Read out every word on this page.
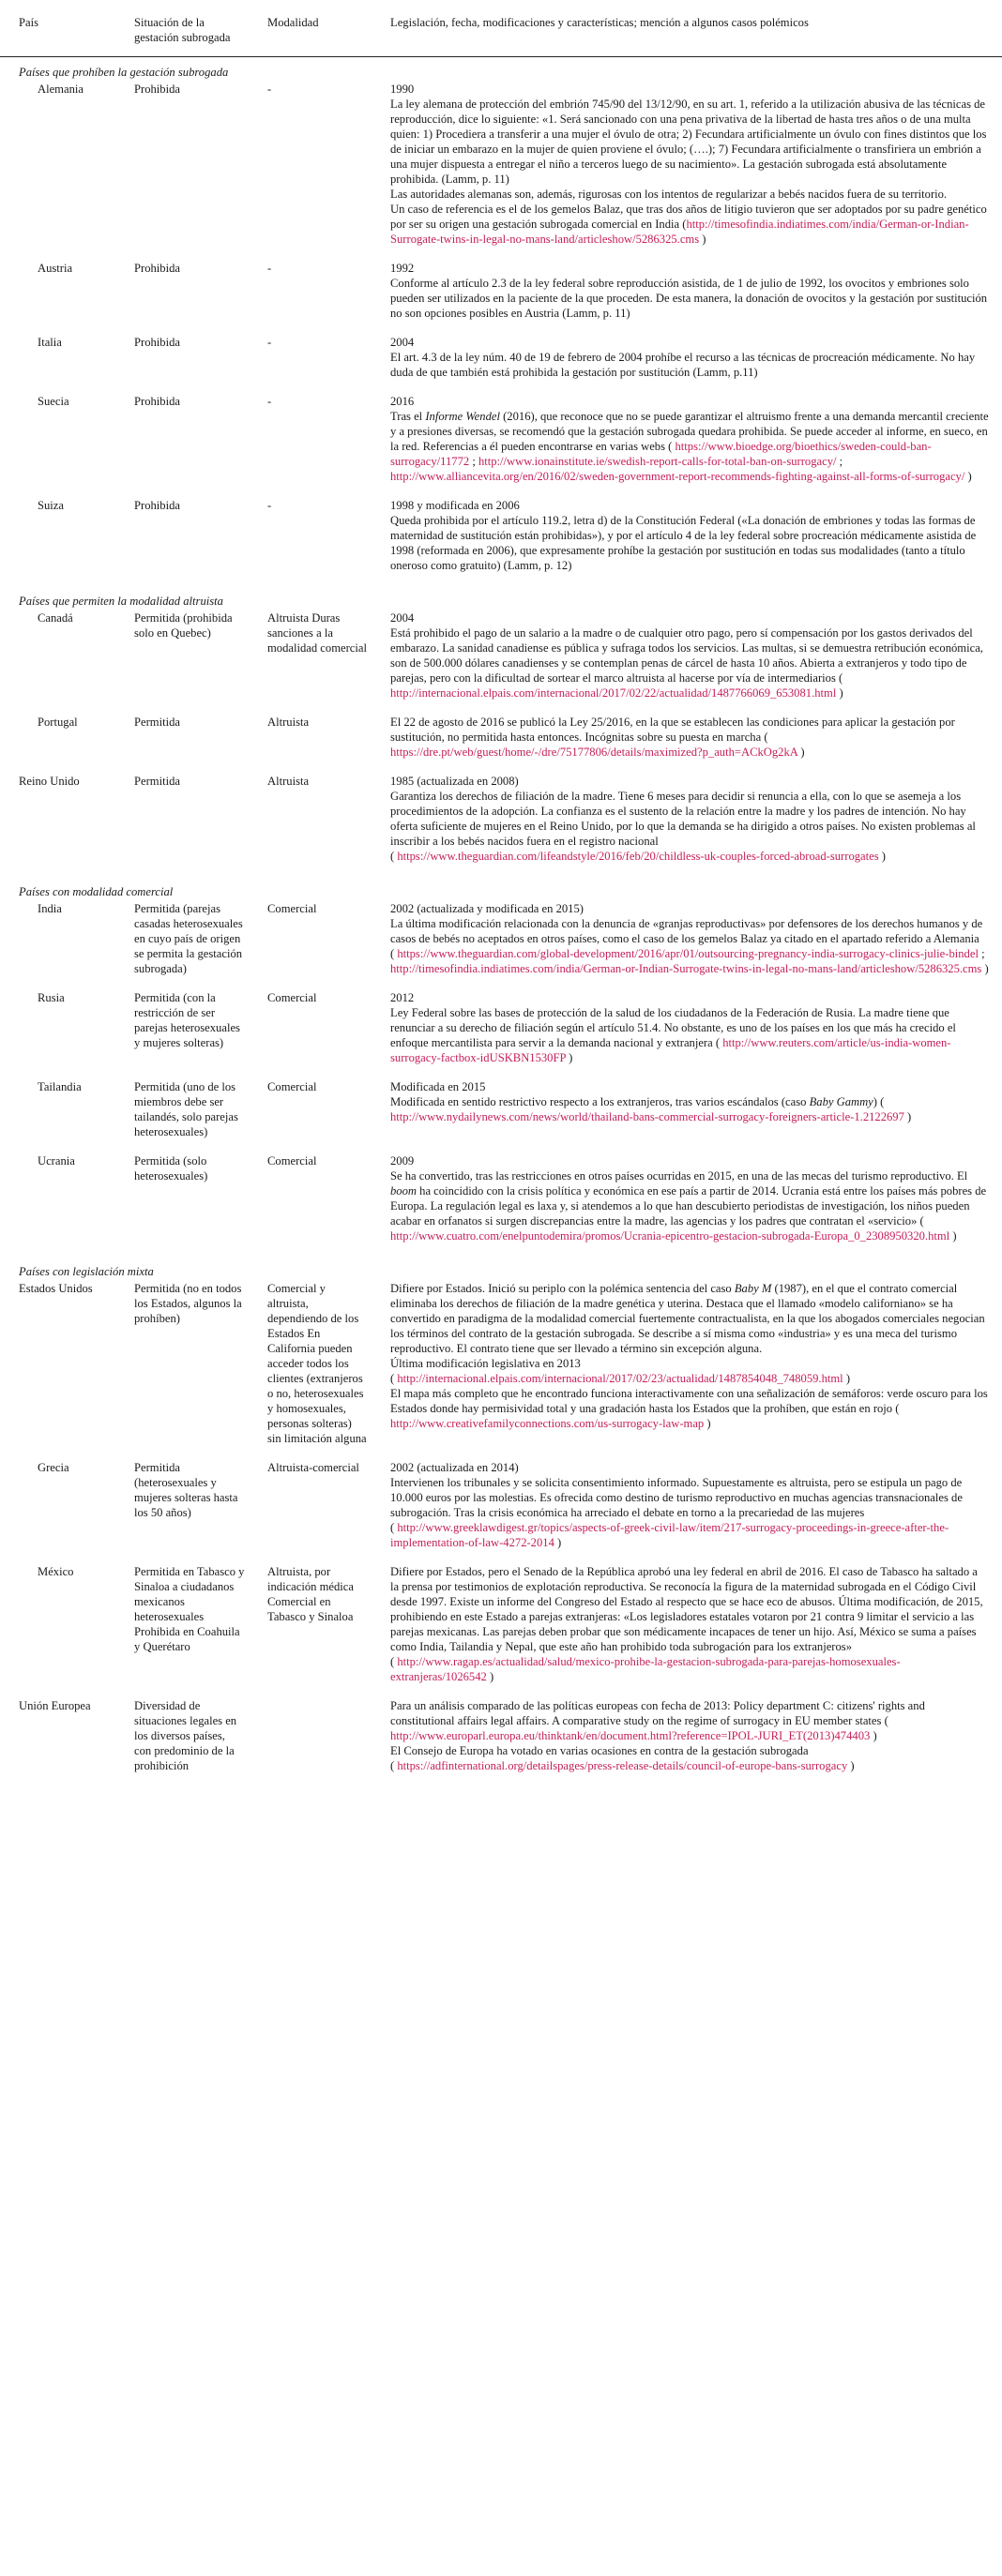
País	Situación de la gestación subrogada	Modalidad	Legislación, fecha, modificaciones y características; mención a algunos casos polémicos
Países que prohíben la gestación subrogada			
Alemania	Prohibida	-	1990

La ley alemana de protección del embrión 745/90 del 13/12/90, en su art. 1, referido a la utilización abusiva de las técnicas de reproducción, dice lo siguiente: «1. Será sancionado con una pena privativa de la libertad de hasta tres años o de una multa quien: 1) Procediera a transferir a una mujer el óvulo de otra; 2) Fecundara artificialmente un óvulo con fines distintos que los de iniciar un embarazo en la mujer de quien proviene el óvulo; (….); 7) Fecundara artificialmente o transfiriera un embrión a una mujer dispuesta a entregar el niño a terceros luego de su nacimiento». La gestación subrogada está absolutamente prohibida. (Lamm, p. 11)

Las autoridades alemanas son, además, rigurosas con los intentos de regularizar a bebés nacidos fuera de su territorio.

Un caso de referencia es el de los gemelos Balaz, que tras dos años de litigio tuvieron que ser adoptados por su padre genético por ser su origen una gestación subrogada comercial en India (http://timesofindia.indiatimes.com/india/German-or-Indian-Surrogate-twins-in-legal-no-mans-land/articleshow/5286325.cms )

Austria	Prohibida	-	1992

Conforme al artículo 2.3 de la ley federal sobre reproducción asistida, de 1 de julio de 1992, los ovocitos y embriones solo pueden ser utilizados en la paciente de la que proceden. De esta manera, la donación de ovocitos y la gestación por sustitución no son opciones posibles en Austria (Lamm, p. 11)

Italia	Prohibida	-	2004

El art. 4.3 de la ley núm. 40 de 19 de febrero de 2004 prohíbe el recurso a las técnicas de procreación médicamente. No hay duda de que también está prohibida la gestación por sustitución (Lamm, p.11)

Suecia	Prohibida	-	2016

Tras el Informe Wendel (2016), que reconoce que no se puede garantizar el altruismo frente a una demanda mercantil creciente y a presiones diversas, se recomendó que la gestación subrogada quedara prohibida. Se puede acceder al informe, en sueco, en la red. Referencias a él pueden encontrarse en varias webs ( https://www.bioedge.org/bioethics/sweden-could-ban-surrogacy/11772 ; http://www.ionainstitute.ie/swedish-report-calls-for-total-ban-on-surrogacy/ ; http://www.alliancevita.org/en/2016/02/sweden-government-report-recommends-fighting-against-all-forms-of-surrogacy/ )

Suiza	Prohibida	-	1998 y modificada en 2006

Queda prohibida por el artículo 119.2, letra d) de la Constitución Federal («La donación de embriones y todas las formas de maternidad de sustitución están prohibidas»), y por el artículo 4 de la ley federal sobre procreación médicamente asistida de 1998 (reformada en 2006), que expresamente prohíbe la gestación por sustitución en todas sus modalidades (tanto a título oneroso como gratuito) (Lamm, p. 12)

Países que permiten la modalidad altruista			
Canadá	Permitida (prohibida solo en Quebec)	Altruista Duras sanciones a la modalidad comercial	2004

Está prohibido el pago de un salario a la madre o de cualquier otro pago, pero sí compensación por los gastos derivados del embarazo. La sanidad canadiense es pública y sufraga todos los servicios. Las multas, si se demuestra retribución económica, son de 500.000 dólares canadienses y se contemplan penas de cárcel de hasta 10 años. Abierta a extranjeros y todo tipo de parejas, pero con la dificultad de sortear el marco altruista al hacerse por vía de intermediarios ( http://internacional.elpais.com/internacional/2017/02/22/actualidad/1487766069_653081.html )

Portugal	Permitida	Altruista	El 22 de agosto de 2016 se publicó la Ley 25/2016, en la que se establecen las condiciones para aplicar la gestación por sustitución, no permitida hasta entonces. Incógnitas sobre su puesta en marcha ( https://dre.pt/web/guest/home/-/dre/75177806/details/maximized?p_auth=ACkOg2kA )

Reino Unido	Permitida	Altruista	1985 (actualizada en 2008)

Garantiza los derechos de filiación de la madre. Tiene 6 meses para decidir si renuncia a ella, con lo que se asemeja a los procedimientos de la adopción. La confianza es el sustento de la relación entre la madre y los padres de intención. No hay oferta suficiente de mujeres en el Reino Unido, por lo que la demanda se ha dirigido a otros países. No existen problemas al inscribir a los bebés nacidos fuera en el registro nacional

( https://www.theguardian.com/lifeandstyle/2016/feb/20/childless-uk-couples-forced-abroad-surrogates )

Países con modalidad comercial			
India	Permitida (parejas casadas heterosexuales en cuyo país de origen se permita la gestación subrogada)	Comercial	2002 (actualizada y modificada en 2015)

La última modificación relacionada con la denuncia de «granjas reproductivas» por defensores de los derechos humanos y de casos de bebés no aceptados en otros países, como el caso de los gemelos Balaz ya citado en el apartado referido a Alemania

( https://www.theguardian.com/global-development/2016/apr/01/outsourcing-pregnancy-india-surrogacy-clinics-julie-bindel ; http://timesofindia.indiatimes.com/india/German-or-Indian-Surrogate-twins-in-legal-no-mans-land/articleshow/5286325.cms )

Rusia	Permitida (con la restricción de ser parejas heterosexuales y mujeres solteras)	Comercial	2012

Ley Federal sobre las bases de protección de la salud de los ciudadanos de la Federación de Rusia. La madre tiene que renunciar a su derecho de filiación según el artículo 51.4. No obstante, es uno de los países en los que más ha crecido el enfoque mercantilista para servir a la demanda nacional y extranjera ( http://www.reuters.com/article/us-india-women-surrogacy-factbox-idUSKBN1530FP )

Tailandia	Permitida (uno de los miembros debe ser tailandés, solo parejas heterosexuales)	Comercial	Modificada en 2015

Modificada en sentido restrictivo respecto a los extranjeros, tras varios escándalos (caso Baby Gammy) ( http://www.nydailynews.com/news/world/thailand-bans-commercial-surrogacy-foreigners-article-1.2122697 )

Ucrania	Permitida (solo heterosexuales)	Comercial	2009

Se ha convertido, tras las restricciones en otros países ocurridas en 2015, en una de las mecas del turismo reproductivo. El boom ha coincidido con la crisis política y económica en ese país a partir de 2014. Ucrania está entre los países más pobres de Europa. La regulación legal es laxa y, si atendemos a lo que han descubierto periodistas de investigación, los niños pueden acabar en orfanatos si surgen discrepancias entre la madre, las agencias y los padres que contratan el «servicio» ( http://www.cuatro.com/enelpuntodemira/promos/Ucrania-epicentro-gestacion-subrogada-Europa_0_2308950320.html )

Países con legislación mixta			
Estados Unidos	Permitida (no en todos los Estados, algunos la prohíben)	Comercial y altruista, dependiendo de los Estados En California pueden acceder todos los clientes (extranjeros o no, heterosexuales y homosexuales, personas solteras) sin limitación alguna	Difiere por Estados. Inició su periplo con la polémica sentencia del caso Baby M (1987), en el que el contrato comercial eliminaba los derechos de filiación de la madre genética y uterina. Destaca que el llamado «modelo californiano» se ha convertido en paradigma de la modalidad comercial fuertemente contractualista, en la que los abogados comerciales negocian los términos del contrato de la gestación subrogada. Se describe a sí misma como «industria» y es una meca del turismo reproductivo. El contrato tiene que ser llevado a término sin excepción alguna.

Última modificación legislativa en 2013

( http://internacional.elpais.com/internacional/2017/02/23/actualidad/1487854048_748059.html )

El mapa más completo que he encontrado funciona interactivamente con una señalización de semáforos: verde oscuro para los Estados donde hay permisividad total y una gradación hasta los Estados que la prohíben, que están en rojo ( http://www.creativefamilyconnections.com/us-surrogacy-law-map )

Grecia	Permitida (heterosexuales y mujeres solteras hasta los 50 años)	Altruista-comercial	2002 (actualizada en 2014)

Intervienen los tribunales y se solicita consentimiento informado. Supuestamente es altruista, pero se estipula un pago de 10.000 euros por las molestias. Es ofrecida como destino de turismo reproductivo en muchas agencias transnacionales de subrogación. Tras la crisis económica ha arreciado el debate en torno a la precariedad de las mujeres

( http://www.greeklawdigest.gr/topics/aspects-of-greek-civil-law/item/217-surrogacy-proceedings-in-greece-after-the-implementation-of-law-4272-2014 )

México	Permitida en Tabasco y Sinaloa a ciudadanos mexicanos heterosexuales Prohibida en Coahuila y Querétaro	Altruista, por indicación médica Comercial en Tabasco y Sinaloa	Difiere por Estados, pero el Senado de la República aprobó una ley federal en abril de 2016. El caso de Tabasco ha saltado a la prensa por testimonios de explotación reproductiva. Se reconocía la figura de la maternidad subrogada en el Código Civil desde 1997. Existe un informe del Congreso del Estado al respecto que se hace eco de abusos. Última modificación, de 2015, prohibiendo en este Estado a parejas extranjeras: «Los legisladores estatales votaron por 21 contra 9 limitar el servicio a las parejas mexicanas. Las parejas deben probar que son médicamente incapaces de tener un hijo. Así, México se suma a países como India, Tailandia y Nepal, que este año han prohibido toda subrogación para los extranjeros»

( http://www.ragap.es/actualidad/salud/mexico-prohibe-la-gestacion-subrogada-para-parejas-homosexuales-extranjeras/1026542 )

Unión Europea	Diversidad de situaciones legales en los diversos países, con predominio de la prohibición		Para un análisis comparado de las políticas europeas con fecha de 2013: Policy department C: citizens' rights and constitutional affairs legal affairs. A comparative study on the regime of surrogacy in EU member states ( http://www.europarl.europa.eu/thinktank/en/document.html?reference=IPOL-JURI_ET(2013)474403 )

El Consejo de Europa ha votado en varias ocasiones en contra de la gestación subrogada

( https://adfinternational.org/detailspages/press-release-details/council-of-europe-bans-surrogacy )
